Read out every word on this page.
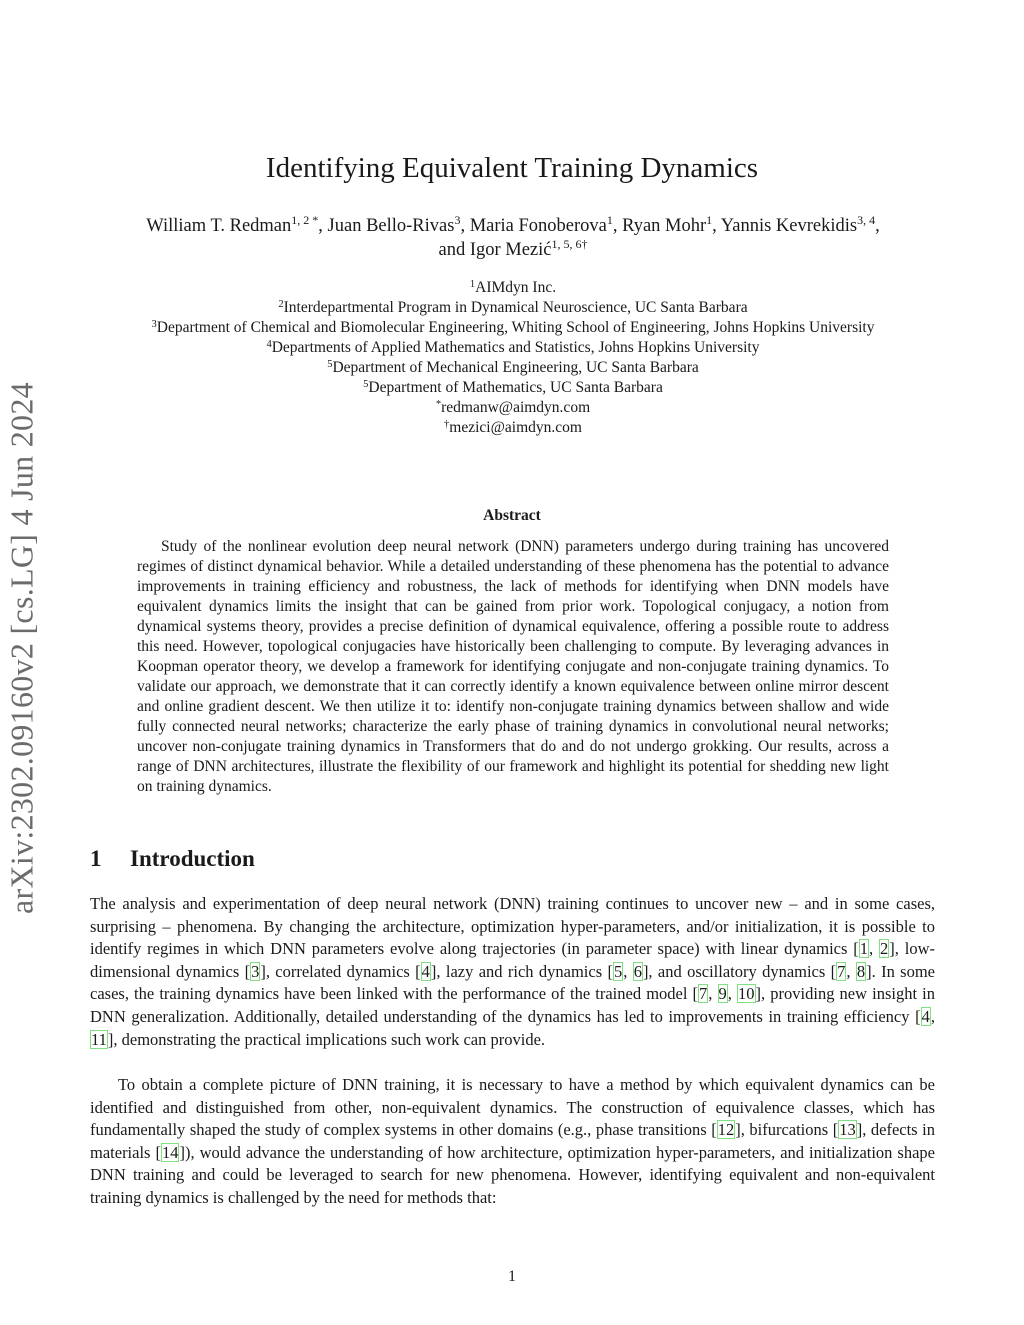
arXiv:2302.09160v2 [cs.LG] 4 Jun 2024
Identifying Equivalent Training Dynamics
William T. Redman$^{1, 2 *}$, Juan Bello-Rivas$^3$, Maria Fonoberova$^1$, Ryan Mohr$^1$, Yannis Kevrekidis$^{3, 4}$,
and Igor Mezić$^{1, 5, 6\dagger}$
$^1$AIMdyn Inc.
$^2$Interdepartmental Program in Dynamical Neuroscience, UC Santa Barbara
$^3$Department of Chemical and Biomolecular Engineering, Whiting School of Engineering, Johns Hopkins University
$^4$Departments of Applied Mathematics and Statistics, Johns Hopkins University
$^5$Department of Mechanical Engineering, UC Santa Barbara
$^5$Department of Mathematics, UC Santa Barbara
*redmanw@aimdyn.com
†mezici@aimdyn.com
Abstract
Study of the nonlinear evolution deep neural network (DNN) parameters undergo during training has uncovered regimes of distinct dynamical behavior. While a detailed understanding of these phenomena has the potential to advance improvements in training efficiency and robustness, the lack of methods for identifying when DNN models have equivalent dynamics limits the insight that can be gained from prior work. Topological conjugacy, a notion from dynamical systems theory, provides a precise definition of dynamical equivalence, offering a possible route to address this need. However, topological conjugacies have historically been challenging to compute. By leveraging advances in Koopman operator theory, we develop a framework for identifying conjugate and non-conjugate training dynamics. To validate our approach, we demonstrate that it can correctly identify a known equivalence between online mirror descent and online gradient descent. We then utilize it to: identify non-conjugate training dynamics between shallow and wide fully connected neural networks; characterize the early phase of training dynamics in convolutional neural networks; uncover non-conjugate training dynamics in Transformers that do and do not undergo grokking. Our results, across a range of DNN architectures, illustrate the flexibility of our framework and highlight its potential for shedding new light on training dynamics.
1 Introduction
The analysis and experimentation of deep neural network (DNN) training continues to uncover new – and in some cases, surprising – phenomena. By changing the architecture, optimization hyper-parameters, and/or initialization, it is possible to identify regimes in which DNN parameters evolve along trajectories (in parameter space) with linear dynamics [1, 2], low-dimensional dynamics [3], correlated dynamics [4], lazy and rich dynamics [5, 6], and oscillatory dynamics [7, 8]. In some cases, the training dynamics have been linked with the performance of the trained model [7, 9, 10], providing new insight in DNN generalization. Additionally, detailed understanding of the dynamics has led to improvements in training efficiency [4, 11], demonstrating the practical implications such work can provide.
To obtain a complete picture of DNN training, it is necessary to have a method by which equivalent dynamics can be identified and distinguished from other, non-equivalent dynamics. The construction of equivalence classes, which has fundamentally shaped the study of complex systems in other domains (e.g., phase transitions [12], bifurcations [13], defects in materials [14]), would advance the understanding of how architecture, optimization hyper-parameters, and initialization shape DNN training and could be leveraged to search for new phenomena. However, identifying equivalent and non-equivalent training dynamics is challenged by the need for methods that:
1
